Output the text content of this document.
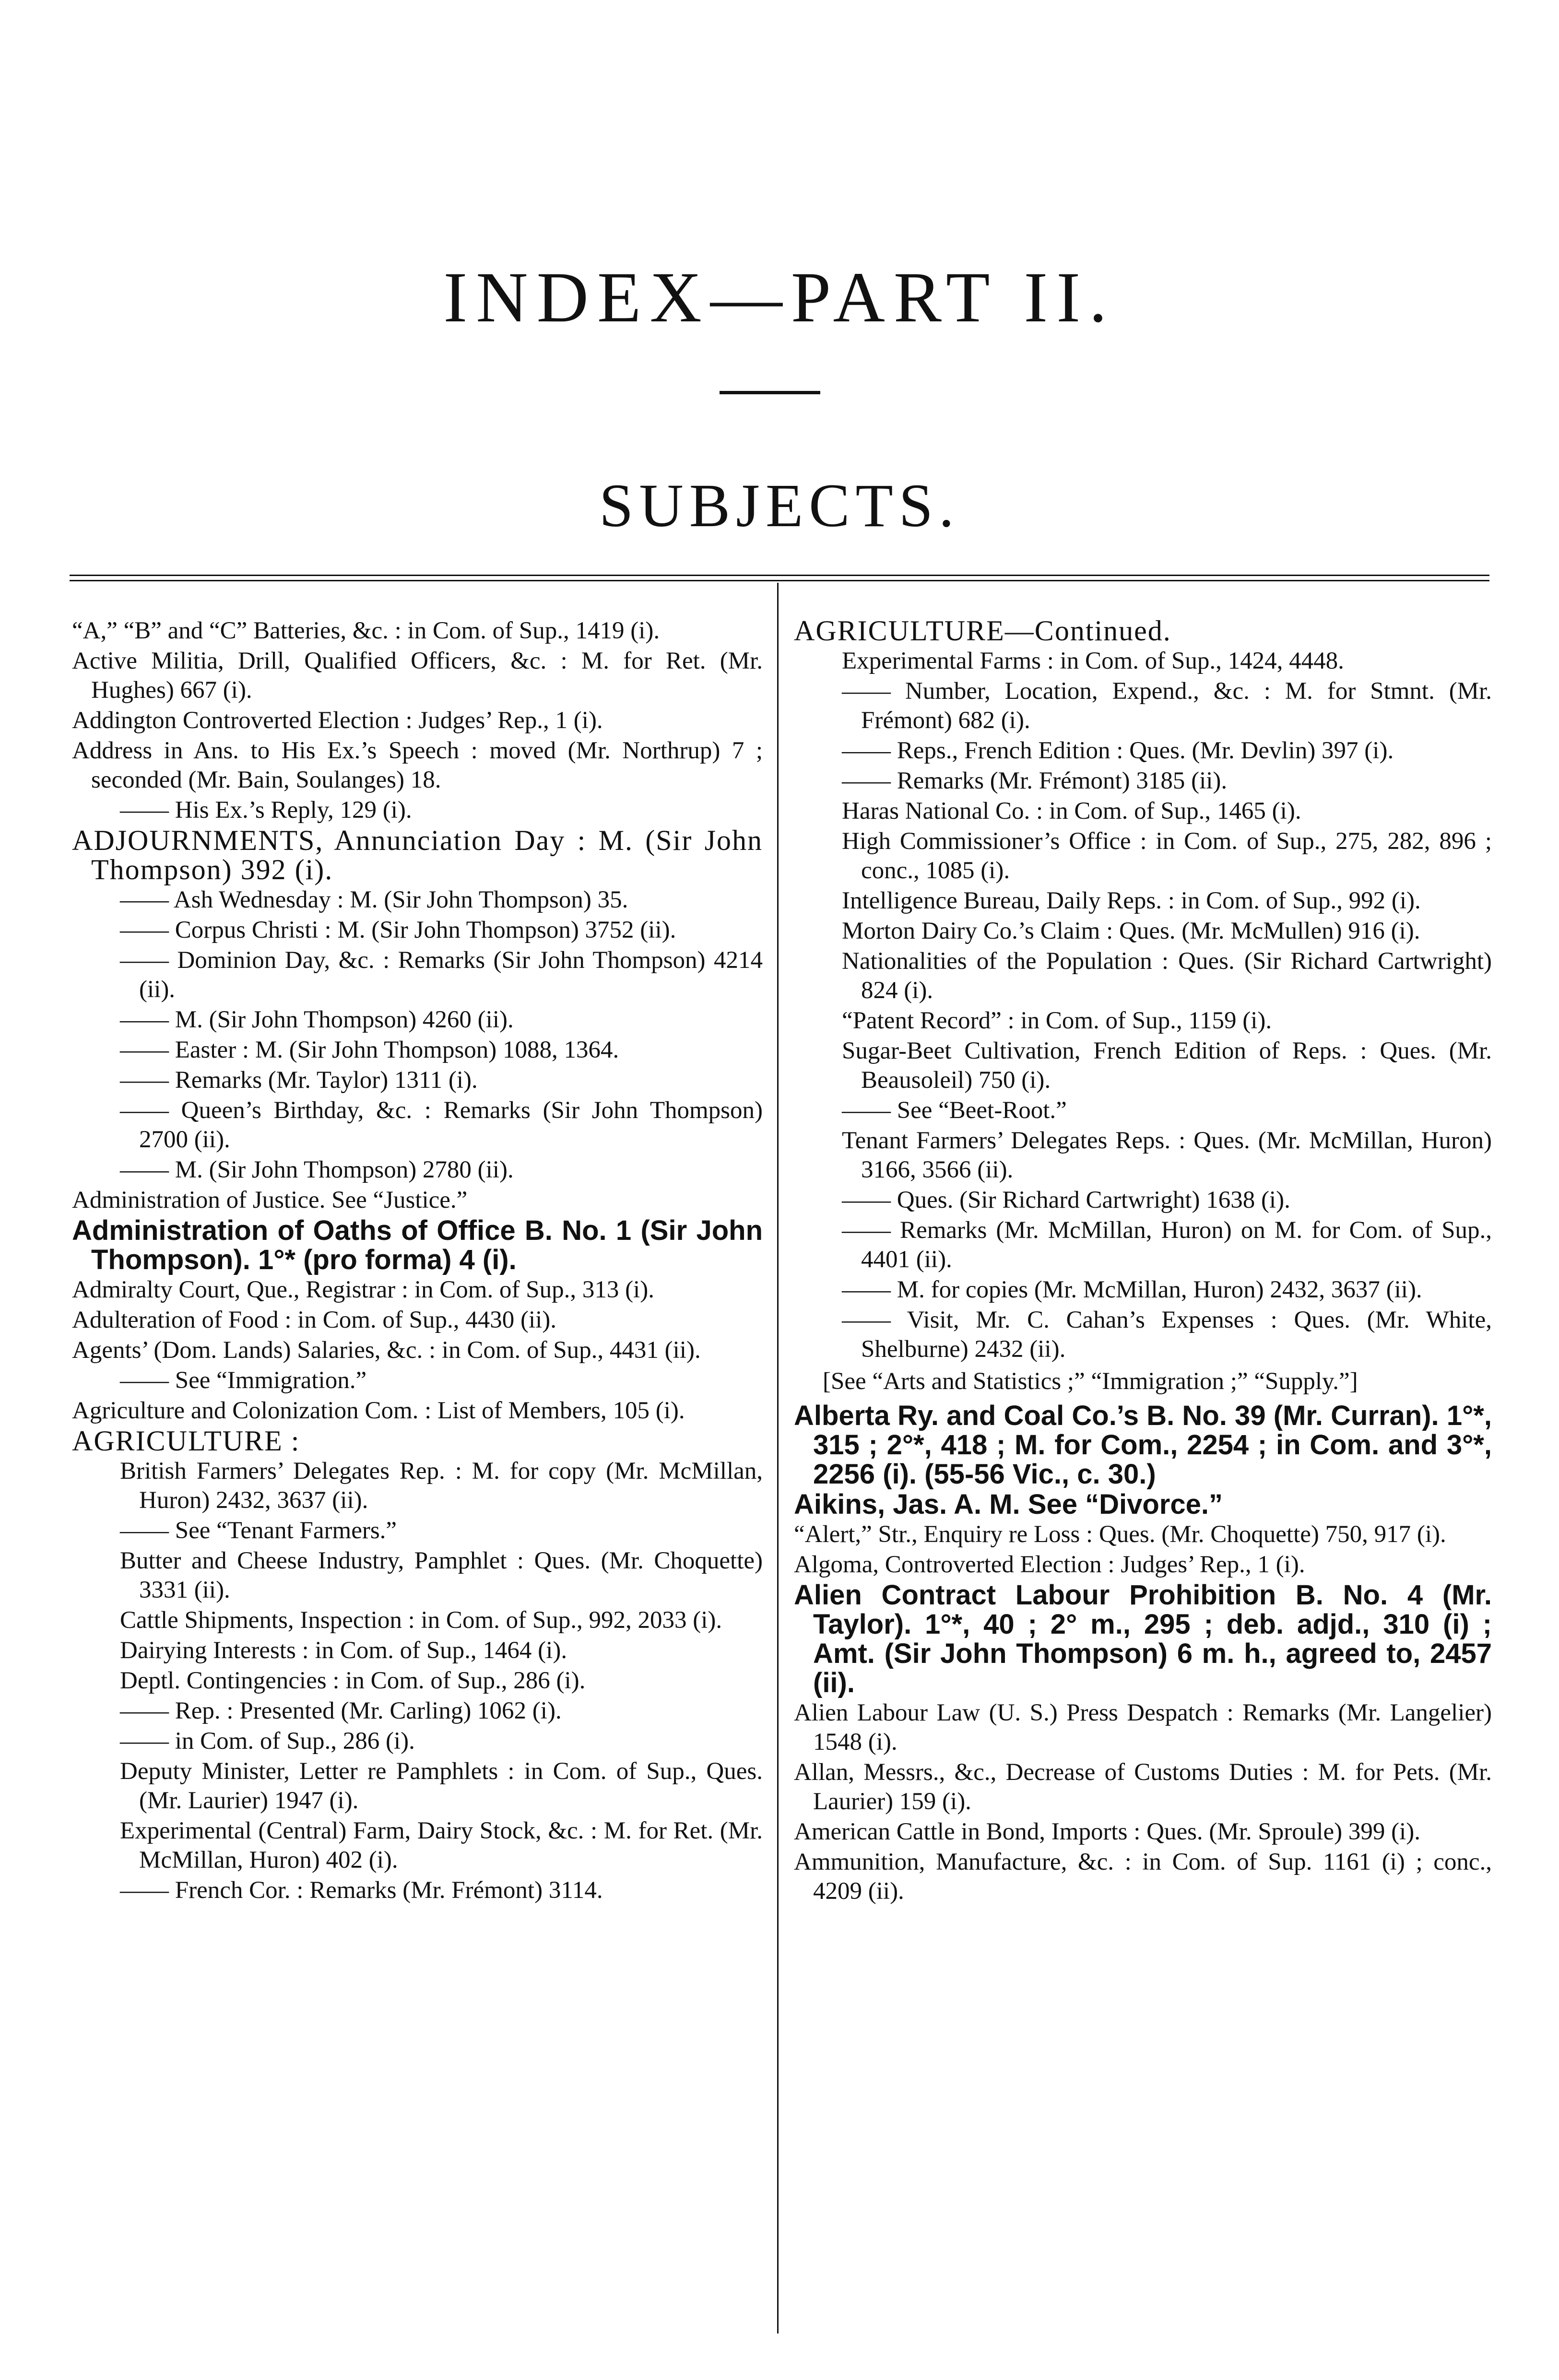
INDEX—PART II.
SUBJECTS.
“A,” “B” and “C” Batteries, &c. : in Com. of Sup., 1419 (i).
Active Militia, Drill, Qualified Officers, &c. : M. for Ret. (Mr. Hughes) 667 (i).
Addington Controverted Election : Judges’ Rep., 1 (i).
Address in Ans. to His Ex.’s Speech : moved (Mr. Northrup) 7 ; seconded (Mr. Bain, Soulanges) 18.
—— His Ex.’s Reply, 129 (i).
ADJOURNMENTS, Annunciation Day : M. (Sir John Thompson) 392 (i).
—— Ash Wednesday : M. (Sir John Thompson) 35.
—— Corpus Christi : M. (Sir John Thompson) 3752 (ii).
—— Dominion Day, &c. : Remarks (Sir John Thompson) 4214 (ii).
—— M. (Sir John Thompson) 4260 (ii).
—— Easter : M. (Sir John Thompson) 1088, 1364.
—— Remarks (Mr. Taylor) 1311 (i).
—— Queen’s Birthday, &c. : Remarks (Sir John Thompson) 2700 (ii).
—— M. (Sir John Thompson) 2780 (ii).
Administration of Justice. See “Justice.”
Administration of Oaths of Office B. No. 1 (Sir John Thompson). 1°* (pro forma) 4 (i).
Admiralty Court, Que., Registrar : in Com. of Sup., 313 (i).
Adulteration of Food : in Com. of Sup., 4430 (ii).
Agents’ (Dom. Lands) Salaries, &c. : in Com. of Sup., 4431 (ii).
—— See “Immigration.”
Agriculture and Colonization Com. : List of Members, 105 (i).
AGRICULTURE :
British Farmers’ Delegates Rep. : M. for copy (Mr. McMillan, Huron) 2432, 3637 (ii).
—— See “Tenant Farmers.”
Butter and Cheese Industry, Pamphlet : Ques. (Mr. Choquette) 3331 (ii).
Cattle Shipments, Inspection : in Com. of Sup., 992, 2033 (i).
Dairying Interests : in Com. of Sup., 1464 (i).
Deptl. Contingencies : in Com. of Sup., 286 (i).
—— Rep. : Presented (Mr. Carling) 1062 (i).
—— in Com. of Sup., 286 (i).
Deputy Minister, Letter re Pamphlets : in Com. of Sup., Ques. (Mr. Laurier) 1947 (i).
Experimental (Central) Farm, Dairy Stock, &c. : M. for Ret. (Mr. McMillan, Huron) 402 (i).
—— French Cor. : Remarks (Mr. Frémont) 3114.
AGRICULTURE—Continued.
Experimental Farms : in Com. of Sup., 1424, 4448.
—— Number, Location, Expend., &c. : M. for Stmnt. (Mr. Frémont) 682 (i).
—— Reps., French Edition : Ques. (Mr. Devlin) 397 (i).
—— Remarks (Mr. Frémont) 3185 (ii).
Haras National Co. : in Com. of Sup., 1465 (i).
High Commissioner’s Office : in Com. of Sup., 275, 282, 896 ; conc., 1085 (i).
Intelligence Bureau, Daily Reps. : in Com. of Sup., 992 (i).
Morton Dairy Co.’s Claim : Ques. (Mr. McMullen) 916 (i).
Nationalities of the Population : Ques. (Sir Richard Cartwright) 824 (i).
“Patent Record” : in Com. of Sup., 1159 (i).
Sugar-Beet Cultivation, French Edition of Reps. : Ques. (Mr. Beausoleil) 750 (i).
—— See “Beet-Root.”
Tenant Farmers’ Delegates Reps. : Ques. (Mr. McMillan, Huron) 3166, 3566 (ii).
—— Ques. (Sir Richard Cartwright) 1638 (i).
—— Remarks (Mr. McMillan, Huron) on M. for Com. of Sup., 4401 (ii).
—— M. for copies (Mr. McMillan, Huron) 2432, 3637 (ii).
—— Visit, Mr. C. Cahan’s Expenses : Ques. (Mr. White, Shelburne) 2432 (ii).
[See “Arts and Statistics ;” “Immigration ;” “Supply.”]
Alberta Ry. and Coal Co.’s B. No. 39 (Mr. Curran). 1°*, 315 ; 2°*, 418 ; M. for Com., 2254 ; in Com. and 3°*, 2256 (i). (55-56 Vic., c. 30.)
Aikins, Jas. A. M. See “Divorce.”
“Alert,” Str., Enquiry re Loss : Ques. (Mr. Choquette) 750, 917 (i).
Algoma, Controverted Election : Judges’ Rep., 1 (i).
Alien Contract Labour Prohibition B. No. 4 (Mr. Taylor). 1°*, 40 ; 2° m., 295 ; deb. adjd., 310 (i) ; Amt. (Sir John Thompson) 6 m. h., agreed to, 2457 (ii).
Alien Labour Law (U. S.) Press Despatch : Remarks (Mr. Langelier) 1548 (i).
Allan, Messrs., &c., Decrease of Customs Duties : M. for Pets. (Mr. Laurier) 159 (i).
American Cattle in Bond, Imports : Ques. (Mr. Sproule) 399 (i).
Ammunition, Manufacture, &c. : in Com. of Sup. 1161 (i) ; conc., 4209 (ii).
